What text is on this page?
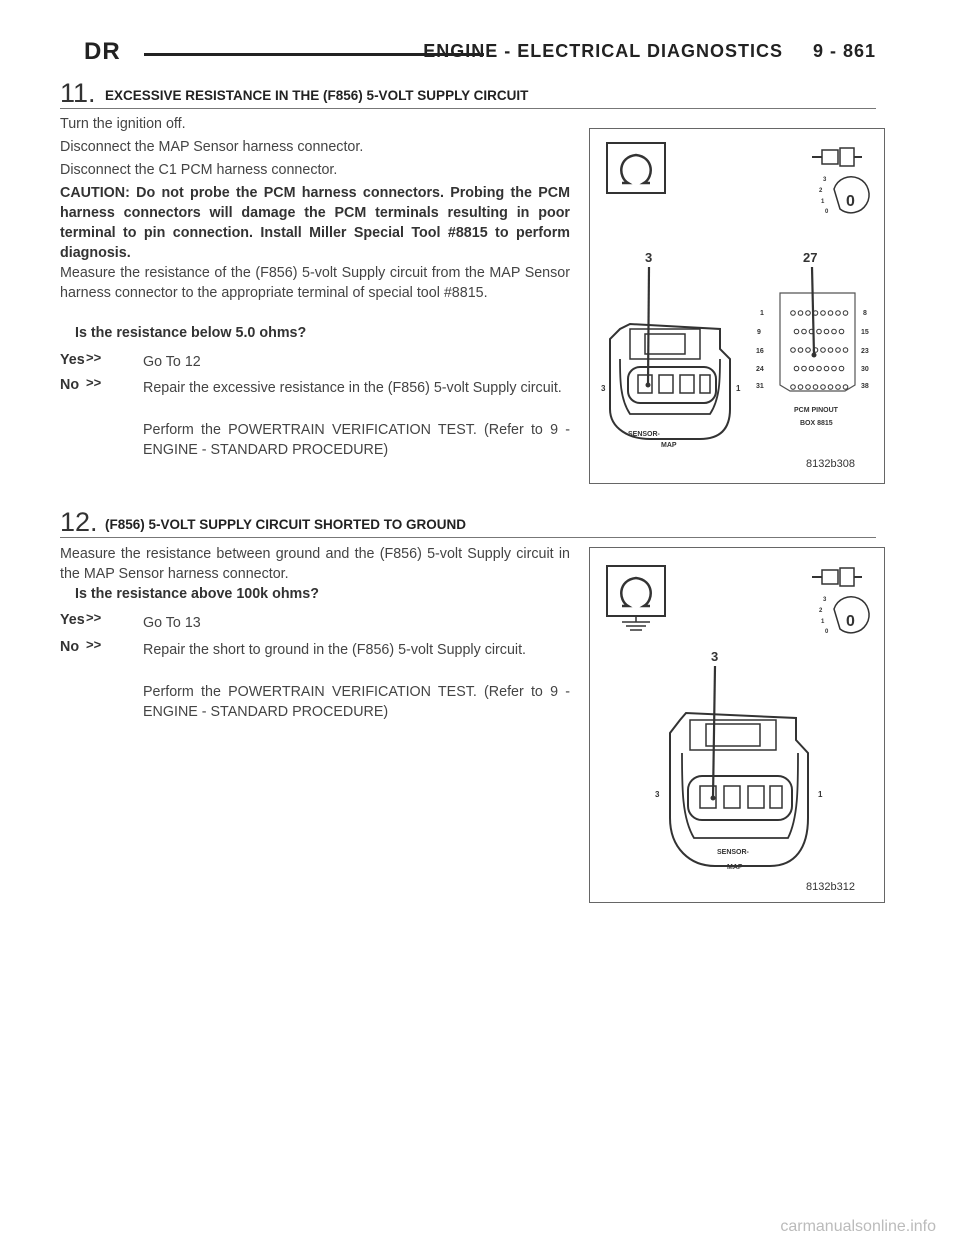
DR	ENGINE - ELECTRICAL DIAGNOSTICS     9 - 861
11. EXCESSIVE RESISTANCE IN THE (F856) 5-VOLT SUPPLY CIRCUIT

Turn the ignition off.

Disconnect the MAP Sensor harness connector.

Disconnect the C1 PCM harness connector.

CAUTION: Do not probe the PCM harness connectors. Probing the PCM harness connectors will damage the PCM terminals resulting in poor terminal to pin connection. Install Miller Special Tool #8815 to perform diagnosis.

Measure the resistance of the (F856) 5-volt Supply circuit from the MAP Sensor harness connector to the appropriate terminal of special tool #8815.

Is the resistance below 5.0 ohms?
Yes >>	Go To 12

No >>	Repair the excessive resistance in the (F856) 5-volt Supply circuit.

Perform the POWERTRAIN VERIFICATION TEST. (Refer to 9 - ENGINE - STANDARD PROCEDURE)

3
2
1
0
0
3	27
3	1
1
9
16
24
31
8
15
23
30
38
PCM PINOUT
BOX 8815
SENSOR-
MAP
8132b308
12. (F856) 5-VOLT SUPPLY CIRCUIT SHORTED TO GROUND

Measure the resistance between ground and the (F856) 5-volt Supply circuit in the MAP Sensor harness connector.

Is the resistance above 100k ohms?
Yes >>	Go To 13

No >>	Repair the short to ground in the (F856) 5-volt Supply circuit.

Perform the POWERTRAIN VERIFICATION TEST. (Refer to 9 - ENGINE - STANDARD PROCEDURE)

3
2
1
0
0
3
3	1
SENSOR-
MAP
8132b312
carmanualsonline.info
